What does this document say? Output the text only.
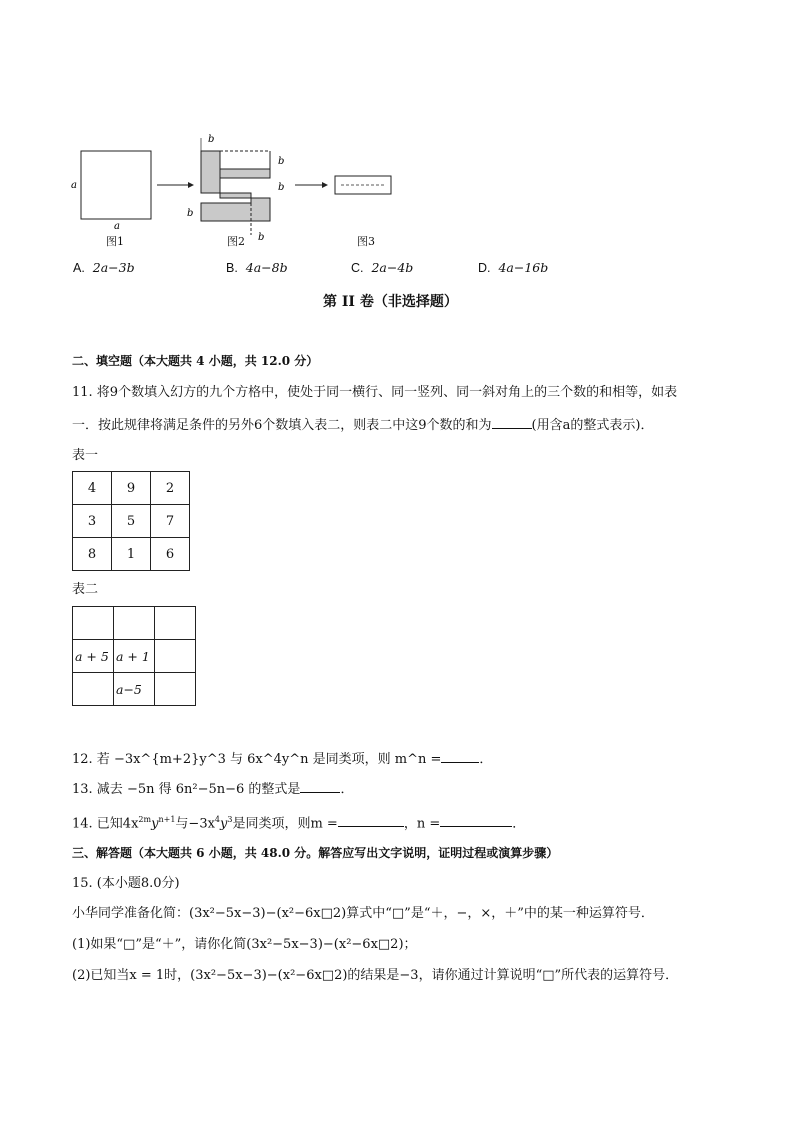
a
a
b
b
b
b
b
图1	图2	图3
A. 2a−3b	B. 4a−8b	C. 2a−4b	D. 4a−16b
第 II 卷（非选择题）
二、填空题（本大题共 4 小题，共 12.0 分）
11. 将9个数填入幻方的九个方格中，使处于同一横行、同一竖列、同一斜对角上的三个数的和相等，如表
一．按此规律将满足条件的另外6个数填入表二，则表二中这9个数的和为	(用含a的整式表示)．
表一
4	9	2
3	5	7
8	1	6
表二

a + 5	a + 1	
	a−5	
12. 若 −3x^{m+2}y^3 与 6x^4y^n 是同类项，则 m^n =	．
13. 减去 −5n 得 6n²−5n−6 的整式是	．
14. 已知$4x^{2m}y^{n+1}$与$-3x^4y^3$是同类项，则m =	，n =	．
三、解答题（本大题共 6 小题，共 48.0 分。解答应写出文字说明，证明过程或演算步骤）
15. (本小题8.0分)
小华同学准备化简：(3x²−5x−3)−(x²−6x□2)算式中“□”是“＋，−，×，＋”中的某一种运算符号．
(1)如果“□”是“＋”，请你化简(3x²−5x−3)−(x²−6x□2)；
(2)已知当x = 1时，(3x²−5x−3)−(x²−6x□2)的结果是−3，请你通过计算说明“□”所代表的运算符号．
